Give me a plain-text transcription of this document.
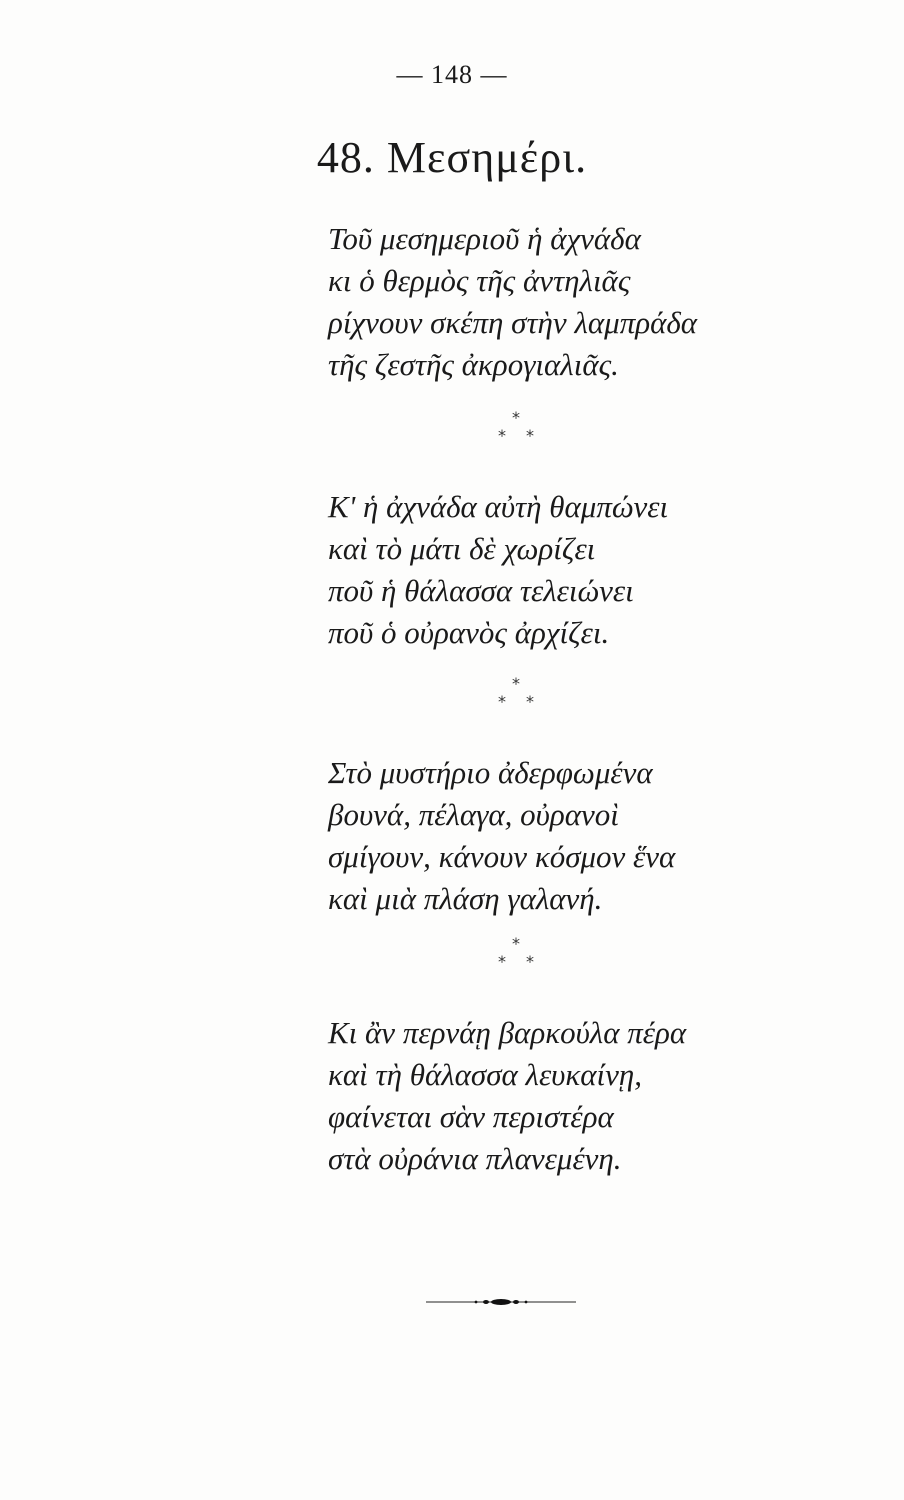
— 148 —
48. Μεσημέρι.
Τοῦ μεσημεριοῦ ἡ ἀχνάδα
κι ὁ θερμὸς τῆς ἀντηλιᾶς
ρίχνουν σκέπη στὴν λαμπράδα
τῆς ζεστῆς ἀκρογιαλιᾶς.
*
* *
Κ' ἡ ἀχνάδα αὐτὴ θαμπώνει
καὶ τὸ μάτι δὲ χωρίζει
ποῦ ἡ θάλασσα τελειώνει
ποῦ ὁ οὐρανὸς ἀρχίζει.
*
* *
Στὸ μυστήριο ἀδερφωμένα
βουνά, πέλαγα, οὐρανοὶ
σμίγουν, κάνουν κόσμον ἕνα
καὶ μιὰ πλάση γαλανή.
*
* *
Κι ἂν περνάῃ βαρκούλα πέρα
καὶ τὴ θάλασσα λευκαίνῃ,
φαίνεται σὰν περιστέρα
στὰ οὐράνια πλανεμένη.
